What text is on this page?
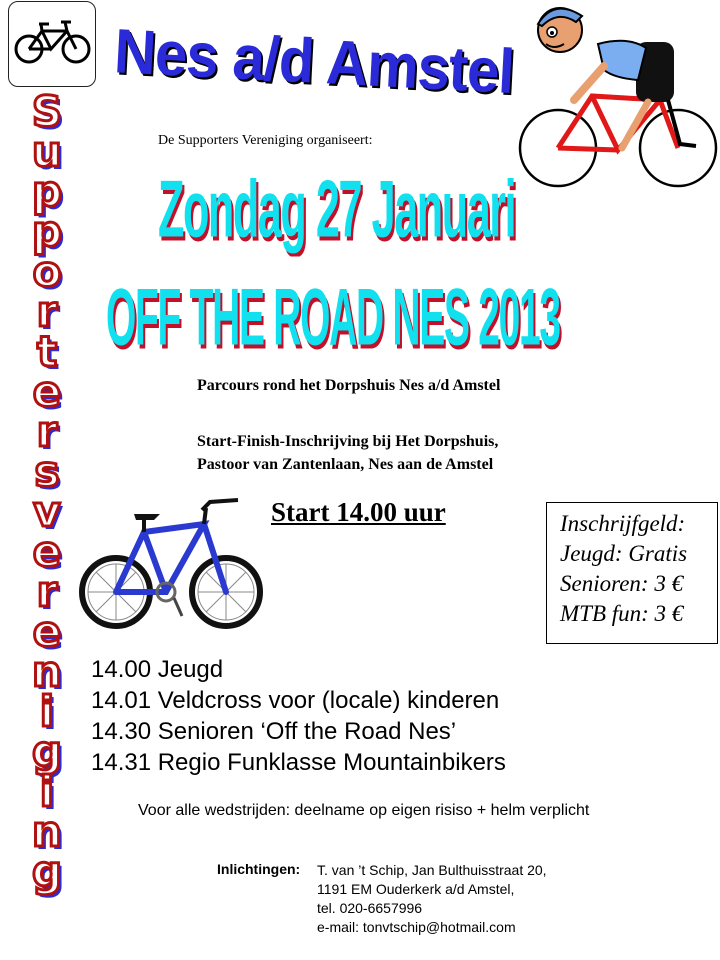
Nes a/d Amstel
De Supporters Vereniging organiseert:
Zondag 27 Januari
OFF THE ROAD NES 2013
S
u
p
p
o
r
t
e
r
s
v
e
r
e
n
i
g
i
n
g
Parcours rond het Dorpshuis Nes a/d Amstel
Start-Finish-Inschrijving bij Het Dorpshuis,
Pastoor van Zantenlaan, Nes aan de Amstel
Start 14.00 uur	Inschrijfgeld:
Jeugd: Gratis
Senioren: 3 €
MTB fun: 3 €
14.00 Jeugd
14.01 Veldcross voor (locale) kinderen
14.30 Senioren ‘Off the Road Nes’
14.31 Regio Funklasse Mountainbikers
Voor alle wedstrijden: deelname op eigen risiso + helm verplicht
Inlichtingen: T. van ’t Schip, Jan Bulthuisstraat 20,
1191 EM Ouderkerk a/d Amstel,
tel. 020-6657996
e-mail: tonvtschip@hotmail.com
